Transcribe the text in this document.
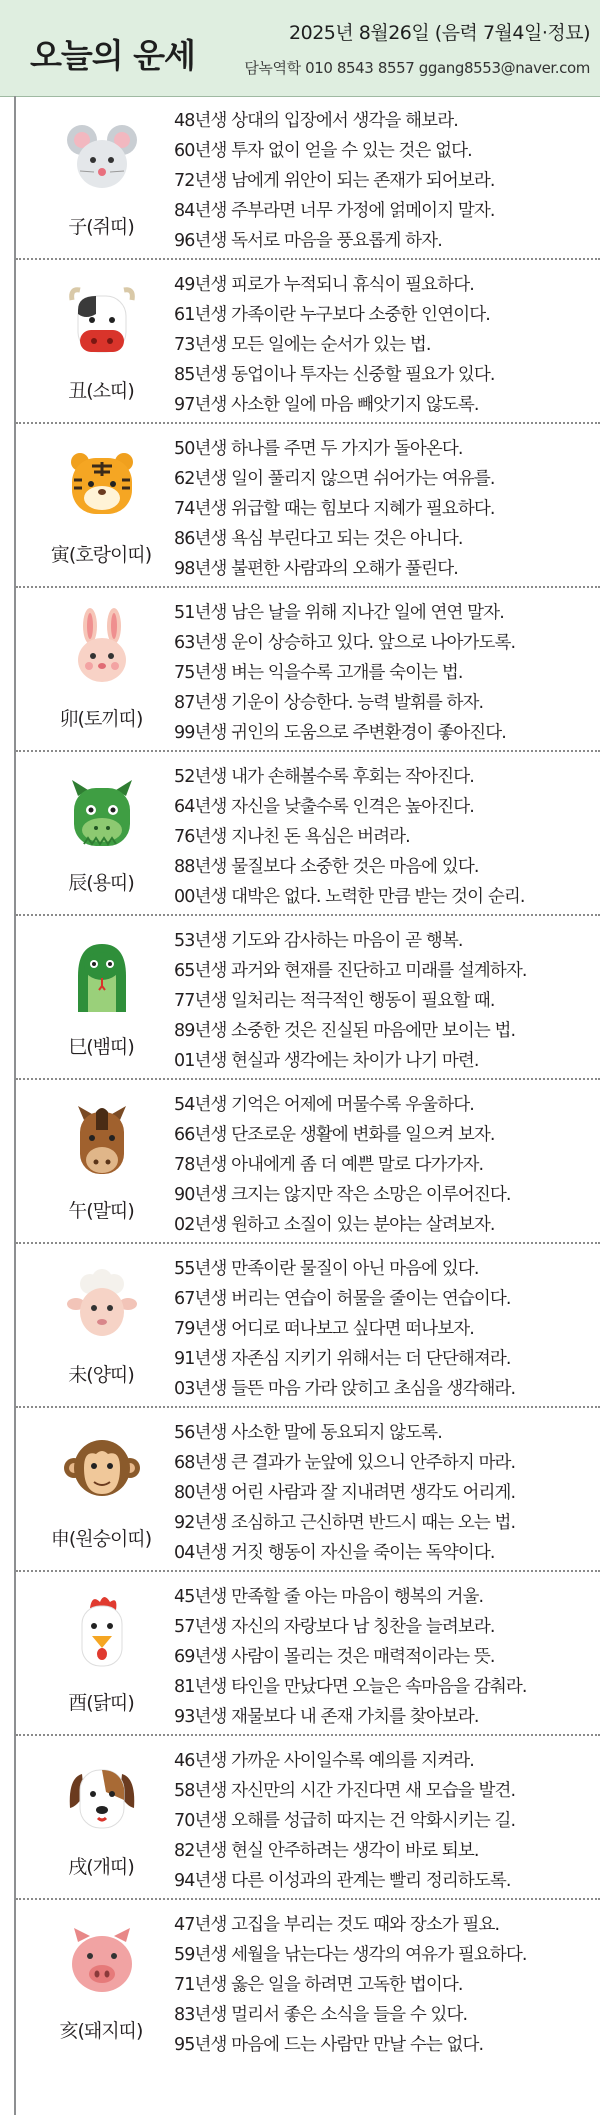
오늘의 운세
2025년 8월26일 (음력 7월4일·정묘)
담녹역학 010 8543 8557 ggang8553@naver.com
子(쥐띠)
48년생 상대의 입장에서 생각을 해보라.
60년생 투자 없이 얻을 수 있는 것은 없다.
72년생 남에게 위안이 되는 존재가 되어보라.
84년생 주부라면 너무 가정에 얽메이지 말자.
96년생 독서로 마음을 풍요롭게 하자.
丑(소띠)
49년생 피로가 누적되니 휴식이 필요하다.
61년생 가족이란 누구보다 소중한 인연이다.
73년생 모든 일에는 순서가 있는 법.
85년생 동업이나 투자는 신중할 필요가 있다.
97년생 사소한 일에 마음 빼앗기지 않도록.
寅(호랑이띠)
50년생 하나를 주면 두 가지가 돌아온다.
62년생 일이 풀리지 않으면 쉬어가는 여유를.
74년생 위급할 때는 힘보다 지혜가 필요하다.
86년생 욕심 부린다고 되는 것은 아니다.
98년생 불편한 사람과의 오해가 풀린다.
卯(토끼띠)
51년생 남은 날을 위해 지나간 일에 연연 말자.
63년생 운이 상승하고 있다. 앞으로 나아가도록.
75년생 벼는 익을수록 고개를 숙이는 법.
87년생 기운이 상승한다. 능력 발휘를 하자.
99년생 귀인의 도움으로 주변환경이 좋아진다.
辰(용띠)
52년생 내가 손해볼수록 후회는 작아진다.
64년생 자신을 낮출수록 인격은 높아진다.
76년생 지나친 돈 욕심은 버려라.
88년생 물질보다 소중한 것은 마음에 있다.
00년생 대박은 없다. 노력한 만큼 받는 것이 순리.
巳(뱀띠)
53년생 기도와 감사하는 마음이 곧 행복.
65년생 과거와 현재를 진단하고 미래를 설계하자.
77년생 일처리는 적극적인 행동이 필요할 때.
89년생 소중한 것은 진실된 마음에만 보이는 법.
01년생 현실과 생각에는 차이가 나기 마련.
午(말띠)
54년생 기억은 어제에 머물수록 우울하다.
66년생 단조로운 생활에 변화를 일으켜 보자.
78년생 아내에게 좀 더 예쁜 말로 다가가자.
90년생 크지는 않지만 작은 소망은 이루어진다.
02년생 원하고 소질이 있는 분야는 살려보자.
未(양띠)
55년생 만족이란 물질이 아닌 마음에 있다.
67년생 버리는 연습이 허물을 줄이는 연습이다.
79년생 어디로 떠나보고 싶다면 떠나보자.
91년생 자존심 지키기 위해서는 더 단단해져라.
03년생 들뜬 마음 가라 앉히고 초심을 생각해라.
申(원숭이띠)
56년생 사소한 말에 동요되지 않도록.
68년생 큰 결과가 눈앞에 있으니 안주하지 마라.
80년생 어린 사람과 잘 지내려면 생각도 어리게.
92년생 조심하고 근신하면 반드시 때는 오는 법.
04년생 거짓 행동이 자신을 죽이는 독약이다.
酉(닭띠)
45년생 만족할 줄 아는 마음이 행복의 거울.
57년생 자신의 자랑보다 남 칭찬을 늘려보라.
69년생 사람이 몰리는 것은 매력적이라는 뜻.
81년생 타인을 만났다면 오늘은 속마음을 감춰라.
93년생 재물보다 내 존재 가치를 찾아보라.
戌(개띠)
46년생 가까운 사이일수록 예의를 지켜라.
58년생 자신만의 시간 가진다면 새 모습을 발견.
70년생 오해를 성급히 따지는 건 악화시키는 길.
82년생 현실 안주하려는 생각이 바로 퇴보.
94년생 다른 이성과의 관계는 빨리 정리하도록.
亥(돼지띠)
47년생 고집을 부리는 것도 때와 장소가 필요.
59년생 세월을 낚는다는 생각의 여유가 필요하다.
71년생 옳은 일을 하려면 고독한 법이다.
83년생 멀리서 좋은 소식을 들을 수 있다.
95년생 마음에 드는 사람만 만날 수는 없다.
